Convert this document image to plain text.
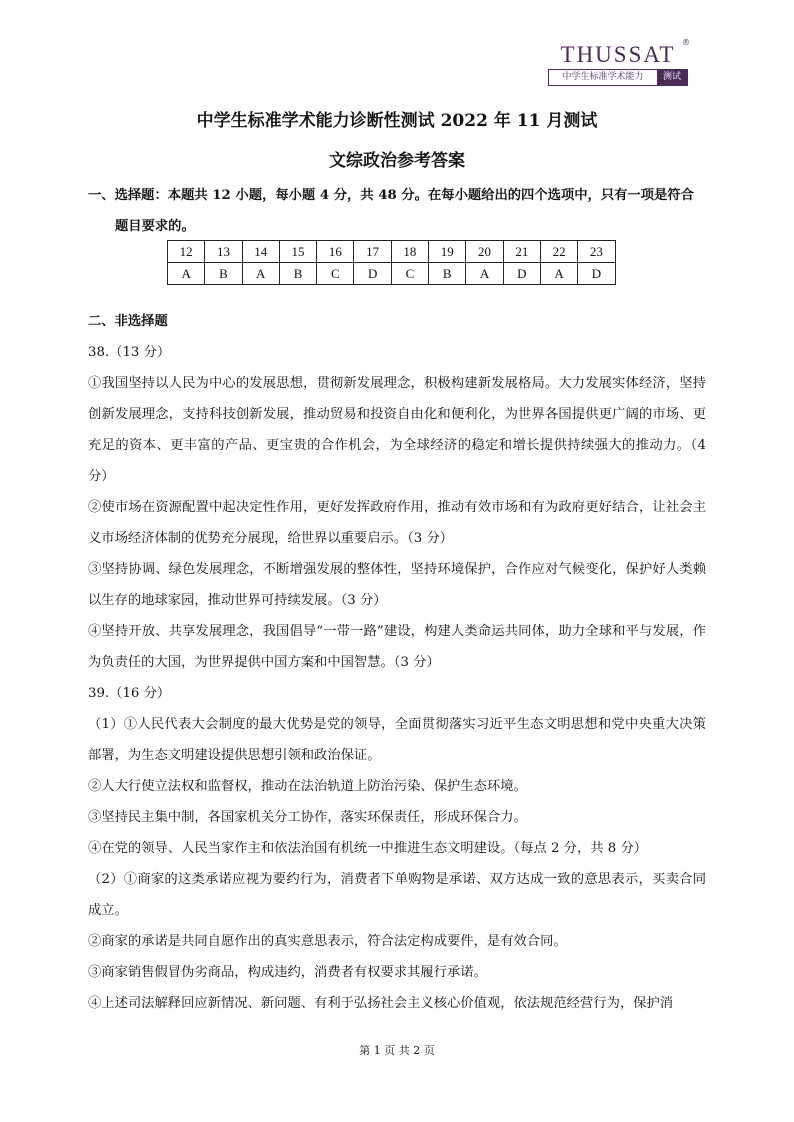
THUSSAT ®
中学生标准学术能力	测试
中学生标准学术能力诊断性测试 2022 年 11 月测试
文综政治参考答案

一、选择题：本题共 12 小题，每小题 4 分，共 48 分。在每小题给出的四个选项中，只有一项是符合

题目要求的。

12	13	14	15	16	17	18	19	20	21	22	23
A	B	A	B	C	D	C	B	A	D	A	D

二、非选择题

38.（13 分）

①我国坚持以人民为中心的发展思想，贯彻新发展理念，积极构建新发展格局。大力发展实体经济，坚持创新发展理念，支持科技创新发展，推动贸易和投资自由化和便利化，为世界各国提供更广阔的市场、更充足的资本、更丰富的产品、更宝贵的合作机会，为全球经济的稳定和增长提供持续强大的推动力。（4 分）

②使市场在资源配置中起决定性作用，更好发挥政府作用，推动有效市场和有为政府更好结合，让社会主义市场经济体制的优势充分展现，给世界以重要启示。（3 分）

③坚持协调、绿色发展理念，不断增强发展的整体性，坚持环境保护，合作应对气候变化，保护好人类赖以生存的地球家园，推动世界可持续发展。（3 分）

④坚持开放、共享发展理念，我国倡导“一带一路”建设，构建人类命运共同体，助力全球和平与发展，作为负责任的大国，为世界提供中国方案和中国智慧。（3 分）

39.（16 分）

（1）①人民代表大会制度的最大优势是党的领导，全面贯彻落实习近平生态文明思想和党中央重大决策部署，为生态文明建设提供思想引领和政治保证。

②人大行使立法权和监督权，推动在法治轨道上防治污染、保护生态环境。

③坚持民主集中制，各国家机关分工协作，落实环保责任，形成环保合力。

④在党的领导、人民当家作主和依法治国有机统一中推进生态文明建设。（每点 2 分，共 8 分）

（2）①商家的这类承诺应视为要约行为，消费者下单购物是承诺、双方达成一致的意思表示，买卖合同成立。

②商家的承诺是共同自愿作出的真实意思表示，符合法定构成要件，是有效合同。

③商家销售假冒伪劣商品，构成违约，消费者有权要求其履行承诺。

④上述司法解释回应新情况、新问题、有利于弘扬社会主义核心价值观，依法规范经营行为，保护消

第 1 页 共 2 页
